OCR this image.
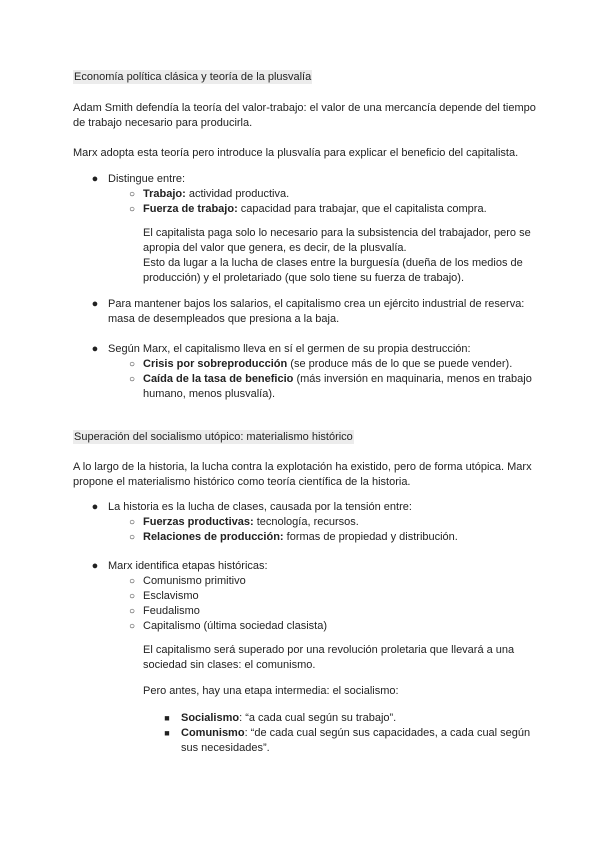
Economía política clásica y teoría de la plusvalía

Adam Smith defendía la teoría del valor-trabajo: el valor de una mercancía depende del tiempo de trabajo necesario para producirla.

Marx adopta esta teoría pero introduce la plusvalía para explicar el beneficio del capitalista.

● Distingue entre:
○ Trabajo: actividad productiva.
○ Fuerza de trabajo: capacidad para trabajar, que el capitalista compra.

El capitalista paga solo lo necesario para la subsistencia del trabajador, pero se apropia del valor que genera, es decir, de la plusvalía.

Esto da lugar a la lucha de clases entre la burguesía (dueña de los medios de producción) y el proletariado (que solo tiene su fuerza de trabajo).

● Para mantener bajos los salarios, el capitalismo crea un ejército industrial de reserva: masa de desempleados que presiona a la baja.
● Según Marx, el capitalismo lleva en sí el germen de su propia destrucción:
○ Crisis por sobreproducción (se produce más de lo que se puede vender).
○ Caída de la tasa de beneficio (más inversión en maquinaria, menos en trabajo humano, menos plusvalía).
Superación del socialismo utópico: materialismo histórico

A lo largo de la historia, la lucha contra la explotación ha existido, pero de forma utópica. Marx propone el materialismo histórico como teoría científica de la historia.

● La historia es la lucha de clases, causada por la tensión entre:
○ Fuerzas productivas: tecnología, recursos.
○ Relaciones de producción: formas de propiedad y distribución.
● Marx identifica etapas históricas:
○ Comunismo primitivo
○ Esclavismo
○ Feudalismo
○ Capitalismo (última sociedad clasista)

El capitalismo será superado por una revolución proletaria que llevará a una sociedad sin clases: el comunismo.

Pero antes, hay una etapa intermedia: el socialismo:

■ Socialismo: “a cada cual según su trabajo”.
■ Comunismo: “de cada cual según sus capacidades, a cada cual según sus necesidades”.
